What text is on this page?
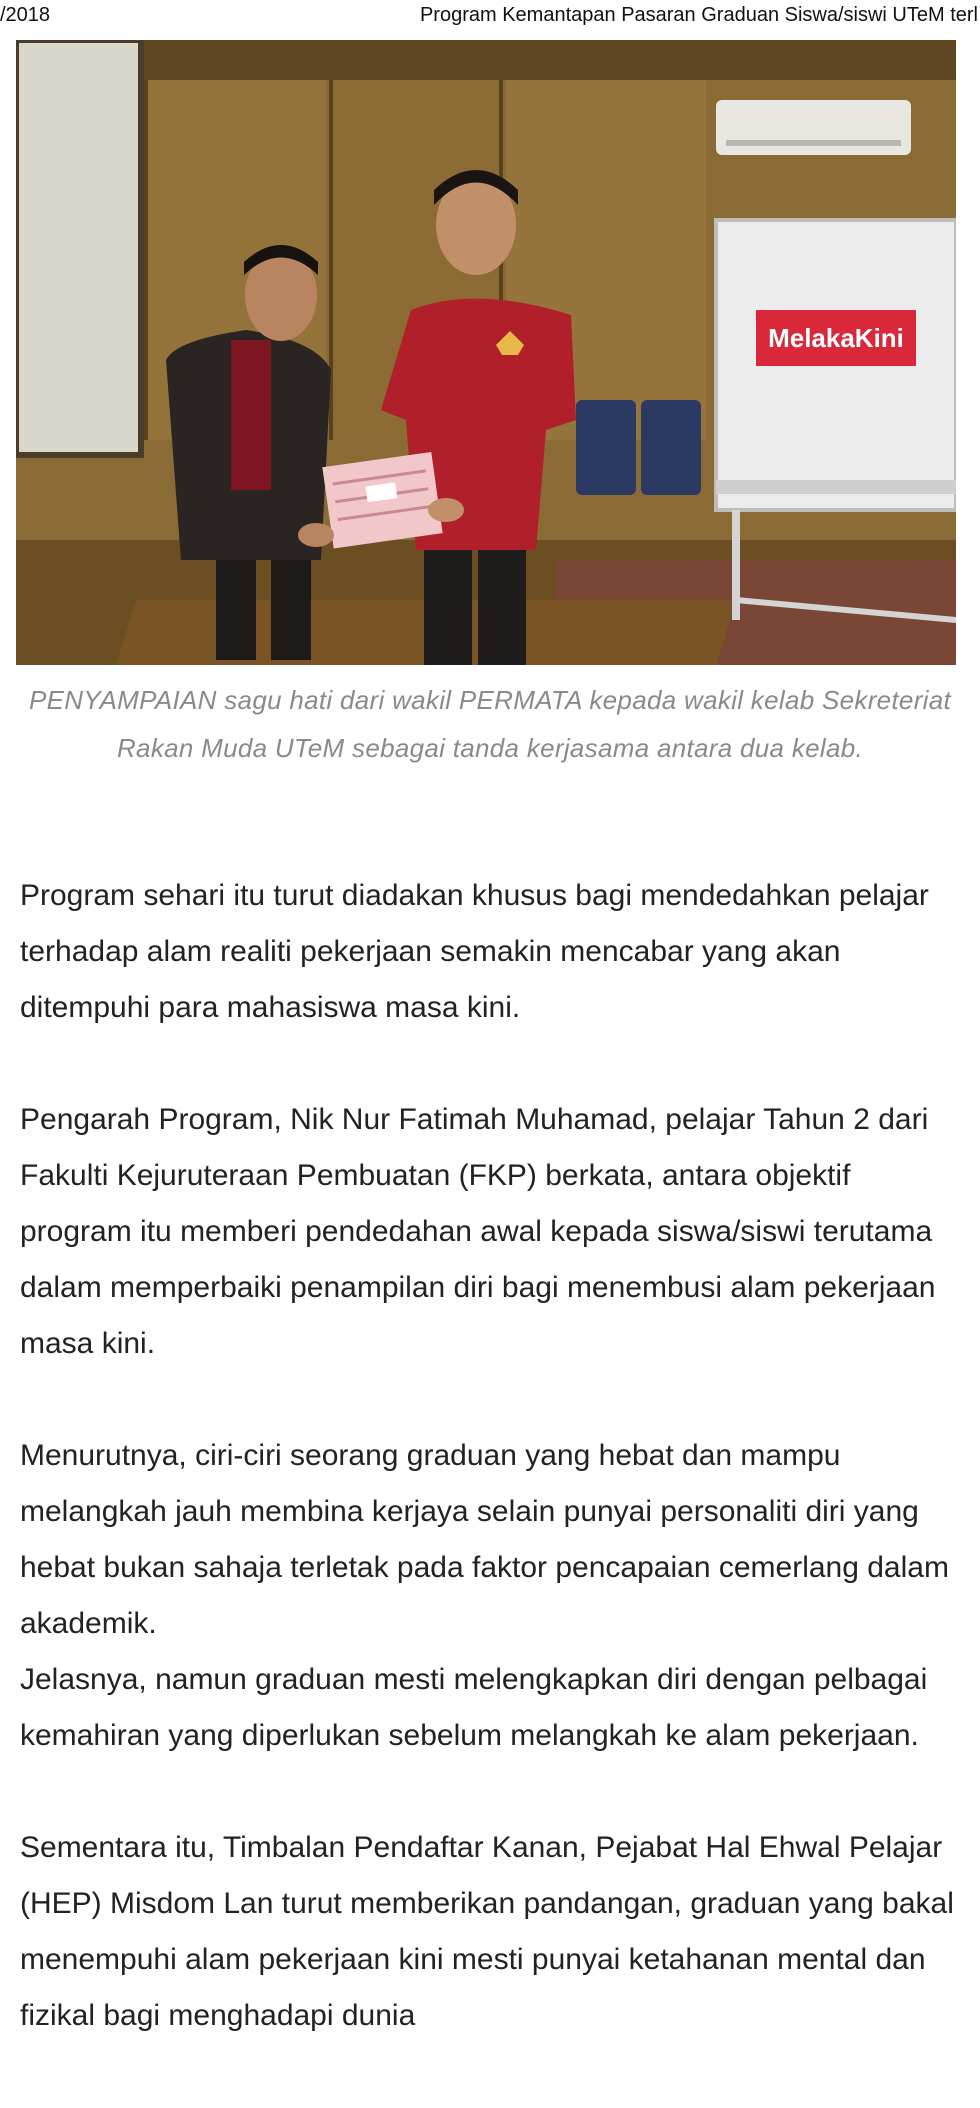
/2018	Program Kemantapan Pasaran Graduan Siswa/siswi UTeM terl
MelakaKini
PENYAMPAIAN sagu hati dari wakil PERMATA kepada wakil kelab Sekreteriat Rakan Muda UTeM sebagai tanda kerjasama antara dua kelab.

Program sehari itu turut diadakan khusus bagi mendedahkan pelajar terhadap alam realiti pekerjaan semakin mencabar yang akan ditempuhi para mahasiswa masa kini.

Pengarah Program, Nik Nur Fatimah Muhamad, pelajar Tahun 2 dari Fakulti Kejuruteraan Pembuatan (FKP) berkata, antara objektif program itu memberi pendedahan awal kepada siswa/siswi terutama dalam memperbaiki penampilan diri bagi menembusi alam pekerjaan masa kini.

Menurutnya, ciri-ciri seorang graduan yang hebat dan mampu melangkah jauh membina kerjaya selain punyai personaliti diri yang hebat bukan sahaja terletak pada faktor pencapaian cemerlang dalam akademik.

Jelasnya, namun graduan mesti melengkapkan diri dengan pelbagai kemahiran yang diperlukan sebelum melangkah ke alam pekerjaan.

Sementara itu, Timbalan Pendaftar Kanan, Pejabat Hal Ehwal Pelajar (HEP) Misdom Lan turut memberikan pandangan, graduan yang bakal menempuhi alam pekerjaan kini mesti punyai ketahanan mental dan fizikal bagi menghadapi dunia
